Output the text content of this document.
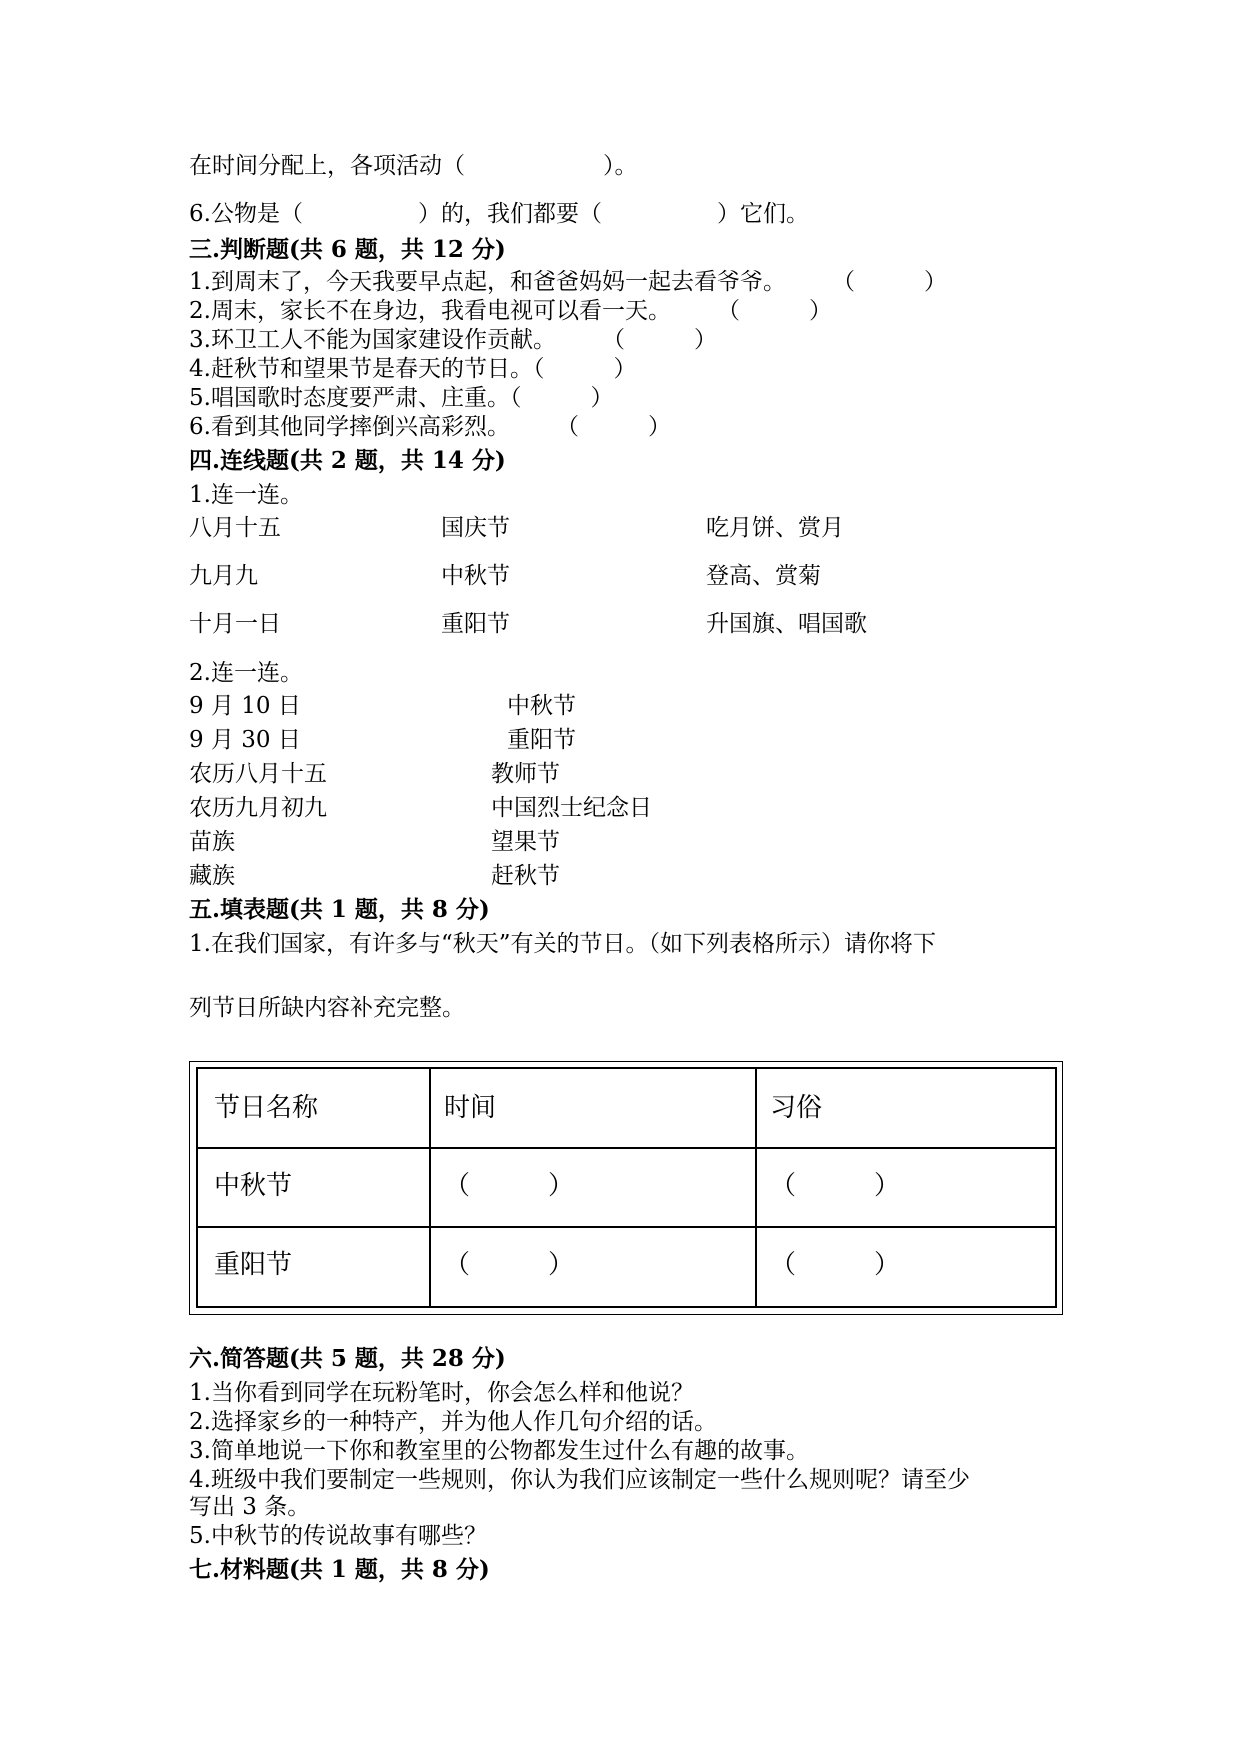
在时间分配上，各项活动（　　　　　　）。
6.公物是（　　　　　）的，我们都要（　　　　　）它们。
三.判断题(共 6 题，共 12 分)
1.到周末了，今天我要早点起，和爸爸妈妈一起去看爷爷。　　　（　　　）
2.周末，家长不在身边，我看电视可以看一天。　　　（　　　）
3.环卫工人不能为国家建设作贡献。　　　（　　　）
4.赶秋节和望果节是春天的节日。（　　　）
5.唱国歌时态度要严肃、庄重。（　　　）
6.看到其他同学摔倒兴高彩烈。　　　（　　　）
四.连线题(共 2 题，共 14 分)
1.连一连。
八月十五	国庆节	吃月饼、赏月
九月九	中秋节	登高、赏菊
十月一日	重阳节	升国旗、唱国歌
2.连一连。
9 月 10 日	中秋节
9 月 30 日	重阳节
农历八月十五	教师节
农历九月初九	中国烈士纪念日
苗族	望果节
藏族	赶秋节
五.填表题(共 1 题，共 8 分)
1.在我们国家，有许多与“秋天”有关的节日。（如下列表格所示）请你将下
列节日所缺内容补充完整。
节日名称	时间	习俗
中秋节	（　　　）	（　　　）
重阳节	（　　　）	（　　　）
六.简答题(共 5 题，共 28 分)
1.当你看到同学在玩粉笔时，你会怎么样和他说？
2.选择家乡的一种特产，并为他人作几句介绍的话。
3.简单地说一下你和教室里的公物都发生过什么有趣的故事。
4.班级中我们要制定一些规则，你认为我们应该制定一些什么规则呢？请至少
写出 3 条。
5.中秋节的传说故事有哪些？
七.材料题(共 1 题，共 8 分)
